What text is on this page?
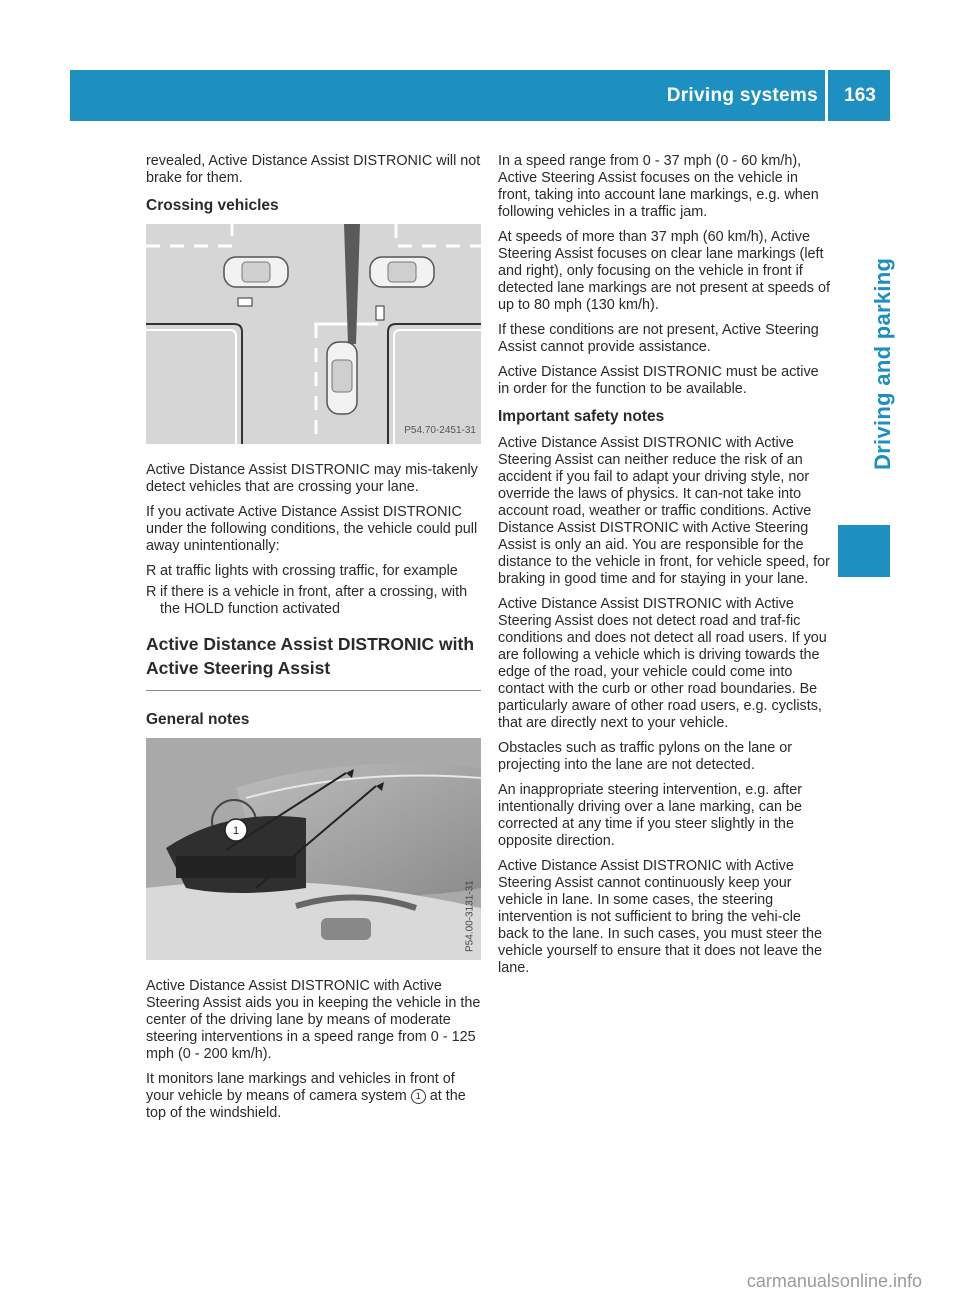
Driving systems	163
Driving and parking

revealed, Active Distance Assist DISTRONIC will not brake for them.

Crossing vehicles
P54.70-2451-31

Active Distance Assist DISTRONIC may mis-takenly detect vehicles that are crossing your lane.

If you activate Active Distance Assist DISTRONIC under the following conditions, the vehicle could pull away unintentionally:

R at traffic lights with crossing traffic, for example
R if there is a vehicle in front, after a crossing, with the HOLD function activated
Active Distance Assist DISTRONIC with Active Steering Assist
General notes
1
P54.00-3131-31

Active Distance Assist DISTRONIC with Active Steering Assist aids you in keeping the vehicle in the center of the driving lane by means of moderate steering interventions in a speed range from 0 - 125 mph (0 - 200 km/h).

It monitors lane markings and vehicles in front of your vehicle by means of camera system 1 at the top of the windshield.

In a speed range from 0 - 37 mph (0 - 60 km/h), Active Steering Assist focuses on the vehicle in front, taking into account lane markings, e.g. when following vehicles in a traffic jam.

At speeds of more than 37 mph (60 km/h), Active Steering Assist focuses on clear lane markings (left and right), only focusing on the vehicle in front if detected lane markings are not present at speeds of up to 80 mph (130 km/h).

If these conditions are not present, Active Steering Assist cannot provide assistance.

Active Distance Assist DISTRONIC must be active in order for the function to be available.

Important safety notes

Active Distance Assist DISTRONIC with Active Steering Assist can neither reduce the risk of an accident if you fail to adapt your driving style, nor override the laws of physics. It can-not take into account road, weather or traffic conditions. Active Distance Assist DISTRONIC with Active Steering Assist is only an aid. You are responsible for the distance to the vehicle in front, for vehicle speed, for braking in good time and for staying in your lane.

Active Distance Assist DISTRONIC with Active Steering Assist does not detect road and traf-fic conditions and does not detect all road users. If you are following a vehicle which is driving towards the edge of the road, your vehicle could come into contact with the curb or other road boundaries. Be particularly aware of other road users, e.g. cyclists, that are directly next to your vehicle.

Obstacles such as traffic pylons on the lane or projecting into the lane are not detected.

An inappropriate steering intervention, e.g. after intentionally driving over a lane marking, can be corrected at any time if you steer slightly in the opposite direction.

Active Distance Assist DISTRONIC with Active Steering Assist cannot continuously keep your vehicle in lane. In some cases, the steering intervention is not sufficient to bring the vehi-cle back to the lane. In such cases, you must steer the vehicle yourself to ensure that it does not leave the lane.

carmanualsonline.info
